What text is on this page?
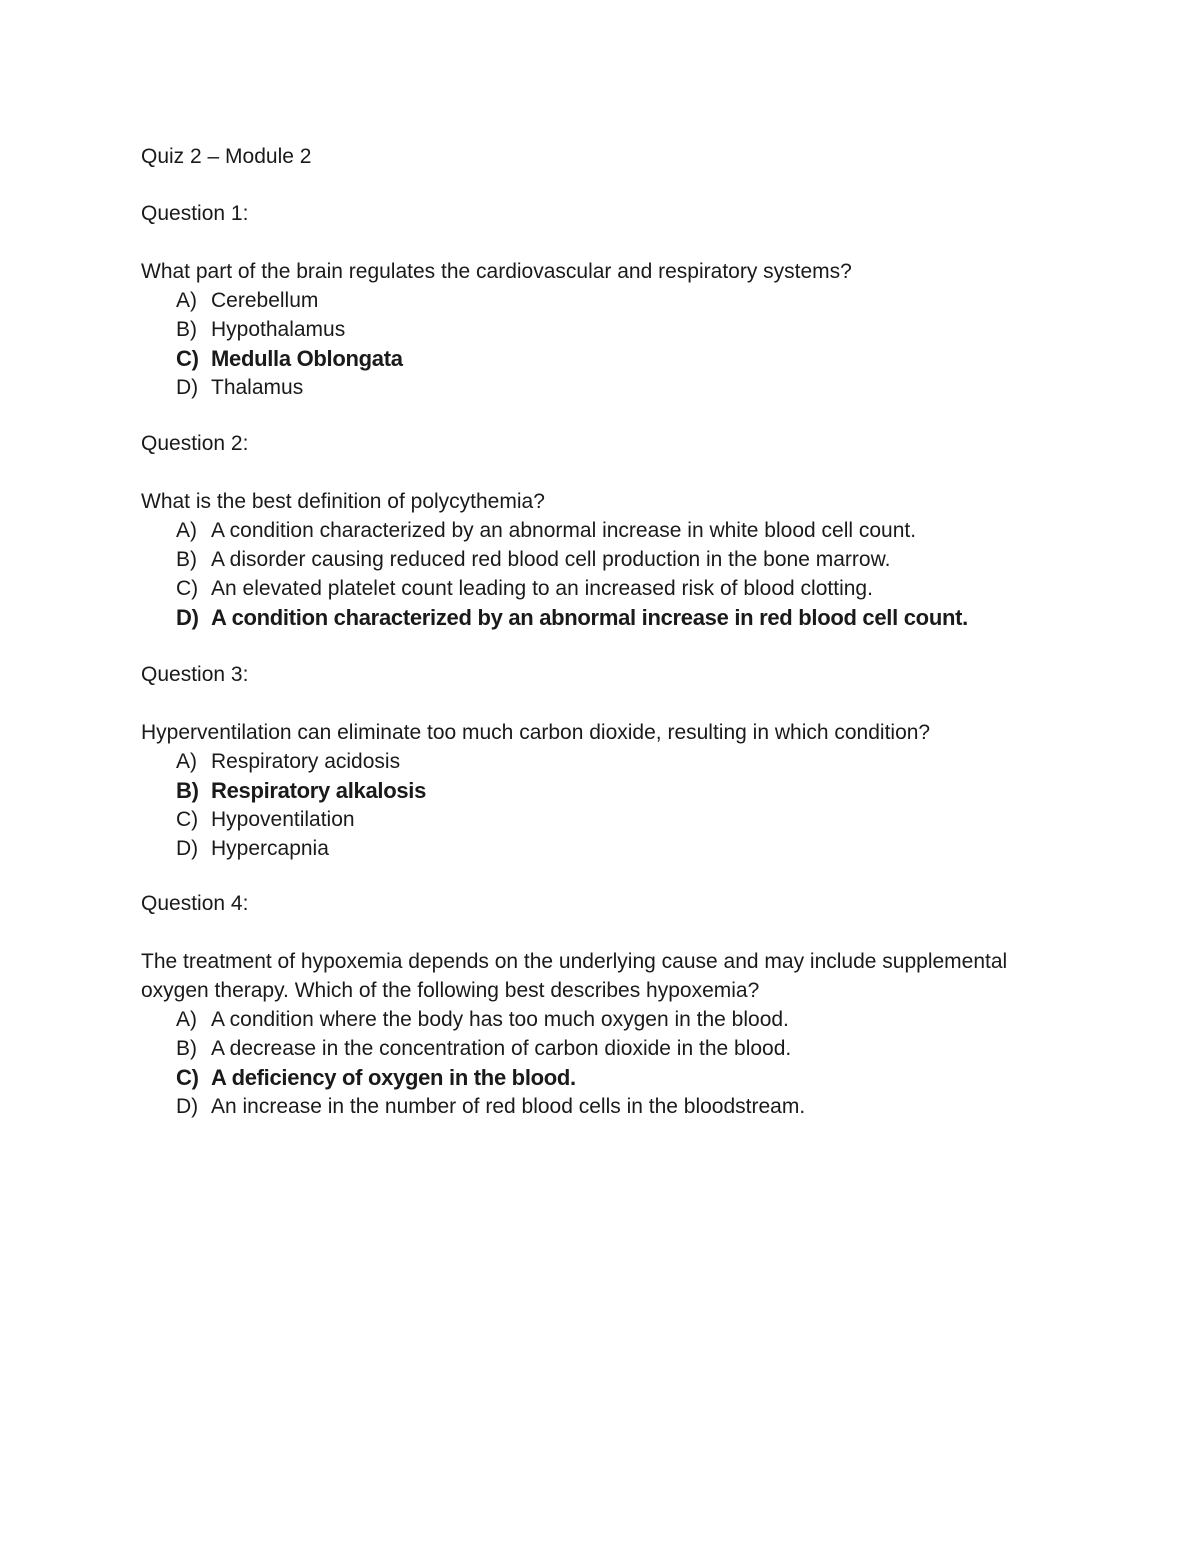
Quiz 2 – Module 2
Question 1:

What part of the brain regulates the cardiovascular and respiratory systems?

A) Cerebellum
B) Hypothalamus
C) Medulla Oblongata
D) Thalamus
Question 2:

What is the best definition of polycythemia?

A) A condition characterized by an abnormal increase in white blood cell count.
B) A disorder causing reduced red blood cell production in the bone marrow.
C) An elevated platelet count leading to an increased risk of blood clotting.
D) A condition characterized by an abnormal increase in red blood cell count.
Question 3:

Hyperventilation can eliminate too much carbon dioxide, resulting in which condition?

A) Respiratory acidosis
B) Respiratory alkalosis
C) Hypoventilation
D) Hypercapnia
Question 4:

The treatment of hypoxemia depends on the underlying cause and may include supplemental oxygen therapy. Which of the following best describes hypoxemia?

A) A condition where the body has too much oxygen in the blood.
B) A decrease in the concentration of carbon dioxide in the blood.
C) A deficiency of oxygen in the blood.
D) An increase in the number of red blood cells in the bloodstream.
